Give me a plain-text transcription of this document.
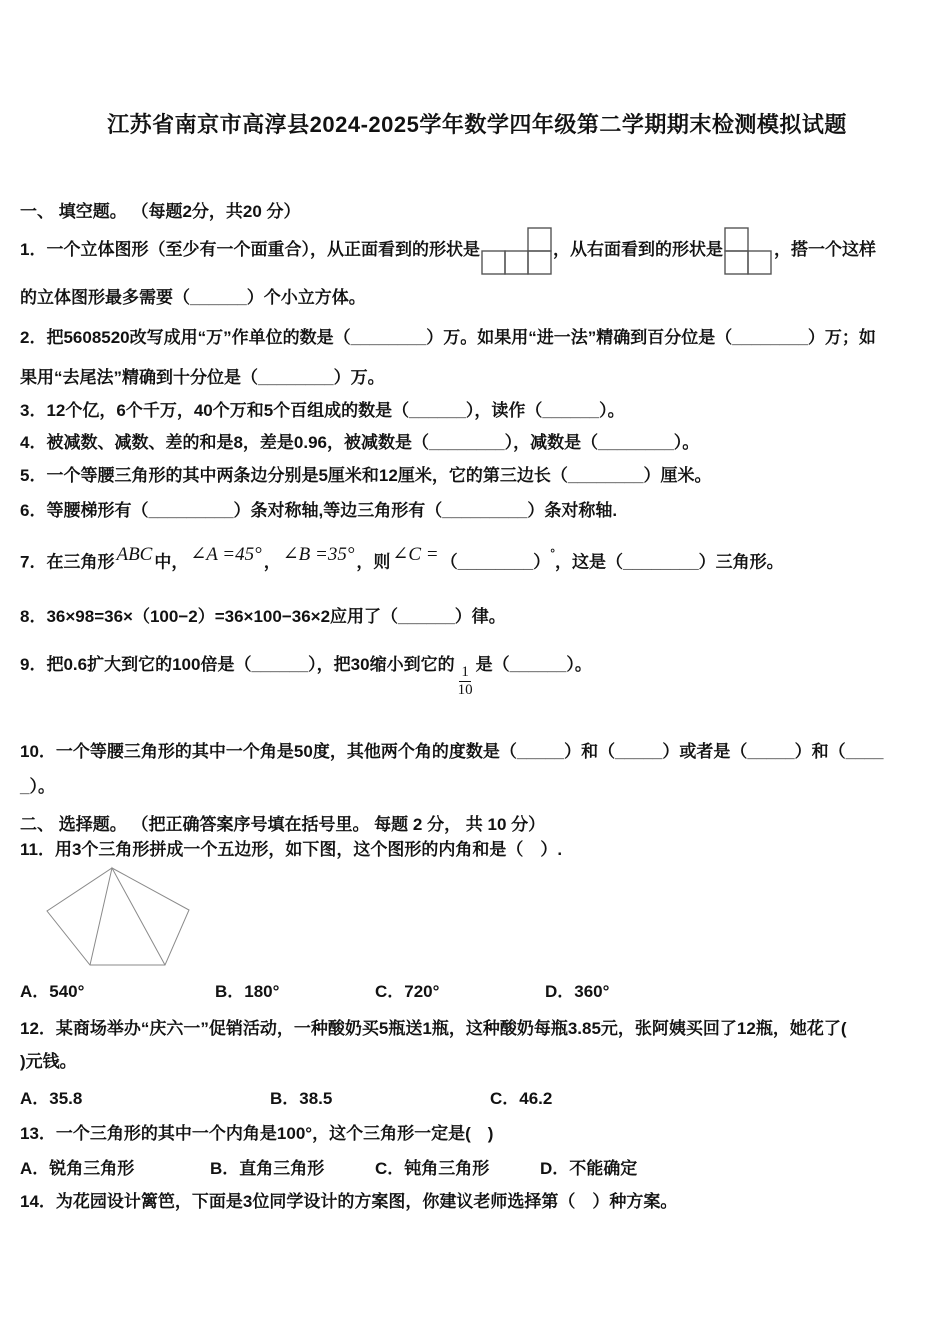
江苏省南京市高淳县2024-2025学年数学四年级第二学期期末检测模拟试题
一、 填空题。 （每题2分，共20 分）
1．一个立体图形（至少有一个面重合），从正面看到的形状是	，从右面看到的形状是	，搭一个这样
的立体图形最多需要（______）个小立方体。
2．把5608520改写成用“万”作单位的数是（________）万。如果用“进一法”精确到百分位是（________）万；如
果用“去尾法”精确到十分位是（________）万。
3．12个亿，6个千万，40个万和5个百组成的数是（______），读作（______）。
4．被减数、减数、差的和是8，差是0.96，被减数是（________），减数是（________）。
5．一个等腰三角形的其中两条边分别是5厘米和12厘米，它的第三边长（________）厘米。
6．等腰梯形有（_________）条对称轴,等边三角形有（_________）条对称轴.
7．在三角形 ABC 中， ∠A =45° ， ∠B =35° ，则 ∠C = （________）°，这是（________）三角形。
8．36×98=36×（100−2）=36×100−36×2应用了（______）律。
9．把0.6扩大到它的100倍是（______），把30缩小到它的 $\frac{1}{10}$ 是（______）。
10．一个等腰三角形的其中一个角是50度，其他两个角的度数是（_____）和（_____）或者是（_____）和（____
_）。
二、 选择题。 （把正确答案序号填在括号里。 每题 2 分， 共 10 分）
11．用3个三角形拼成一个五边形，如下图，这个图形的内角和是（　）.
A．540°	B．180°	C．720°	D．360°
12．某商场举办“庆六一”促销活动，一种酸奶买5瓶送1瓶，这种酸奶每瓶3.85元，张阿姨买回了12瓶，她花了(
)元钱。
A．35.8	B．38.5	C．46.2
13．一个三角形的其中一个内角是100°，这个三角形一定是(　)
A．锐角三角形	B．直角三角形	C．钝角三角形	D．不能确定
14．为花园设计篱笆，下面是3位同学设计的方案图，你建议老师选择第（　）种方案。
